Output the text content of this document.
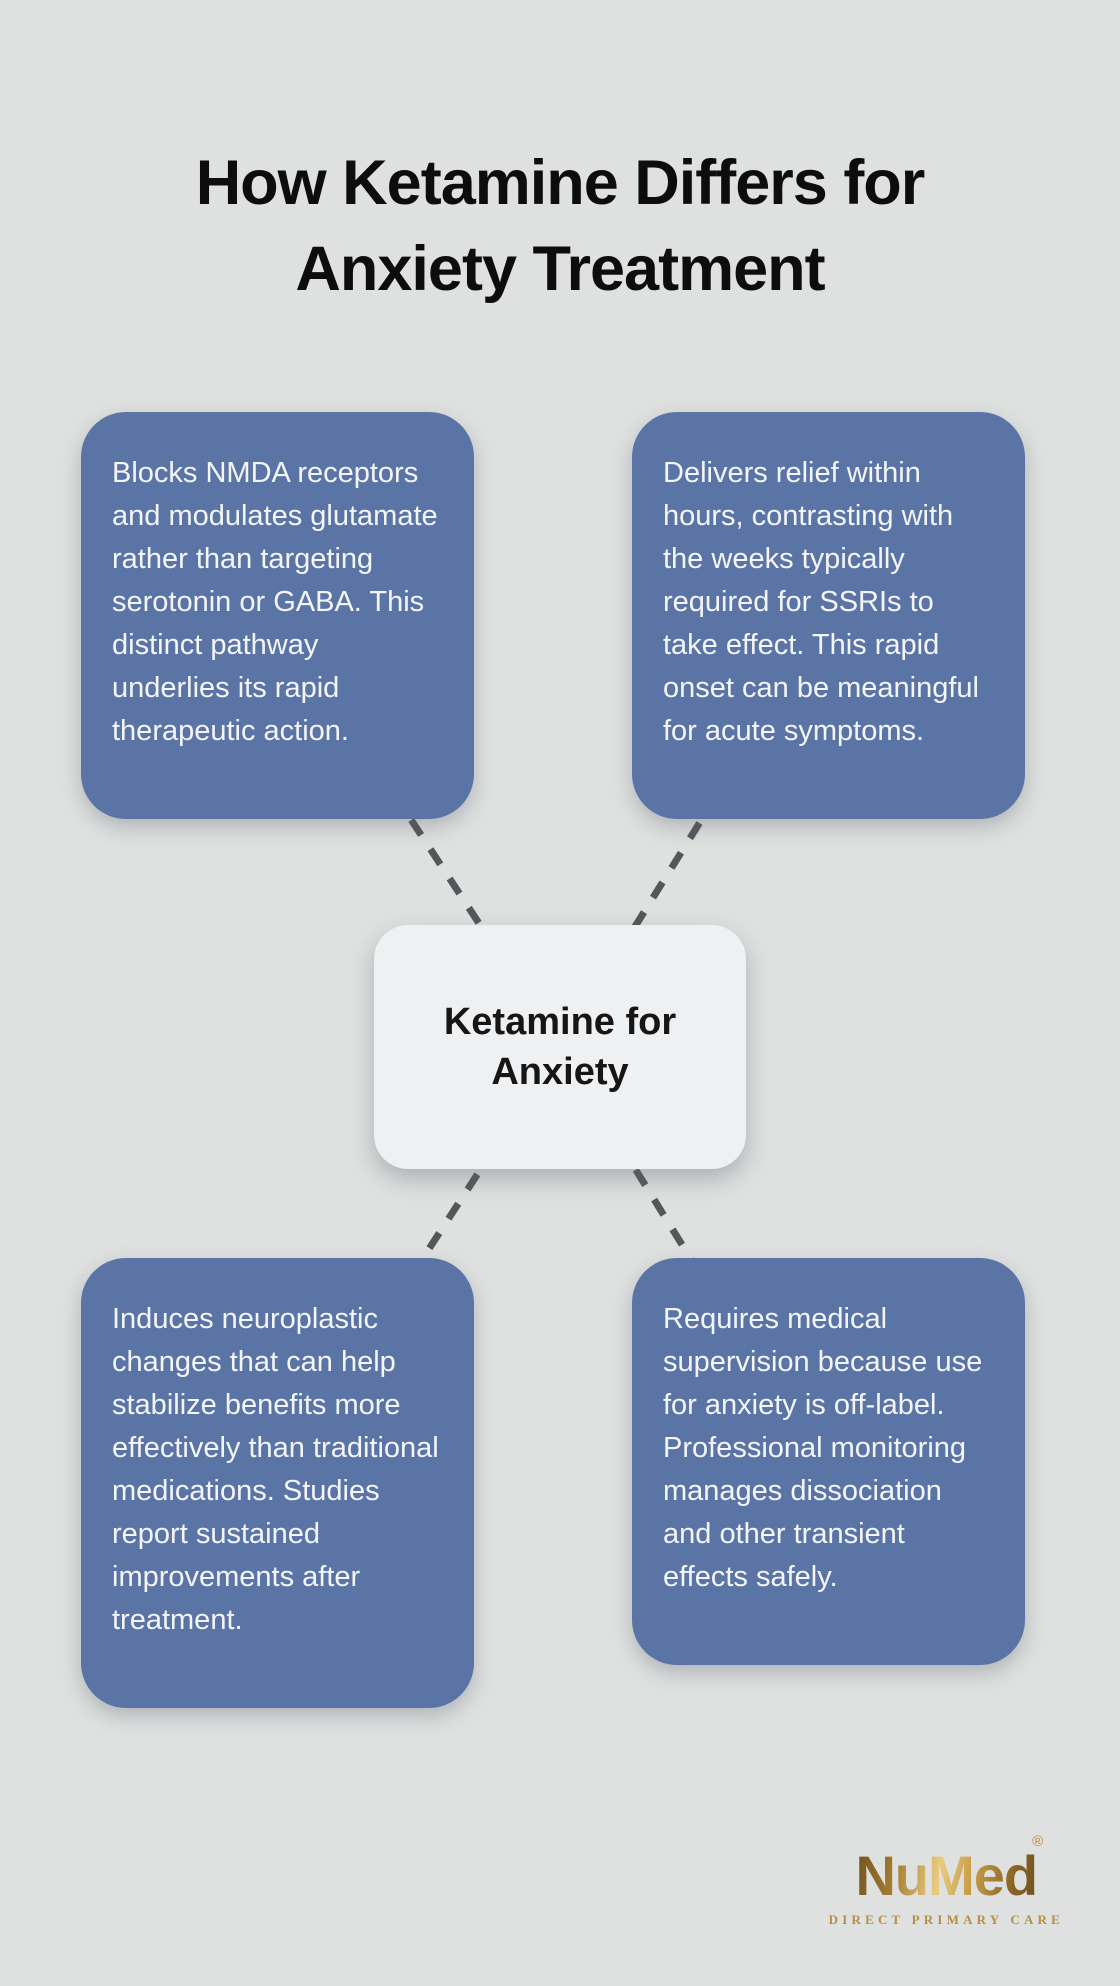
How Ketamine Differs for
Anxiety Treatment
Blocks NMDA receptors and modulates glutamate rather than targeting serotonin or GABA. This distinct pathway underlies its rapid therapeutic action.
Delivers relief within hours, contrasting with the weeks typically required for SSRIs to take effect. This rapid onset can be meaningful for acute symptoms.
Induces neuroplastic changes that can help stabilize benefits more effectively than traditional medications. Studies report sustained improvements after treatment.
Requires medical supervision because use for anxiety is off-label. Professional monitoring manages dissociation and other transient effects safely.
Ketamine for
Anxiety
NuMed
®
DIRECT PRIMARY CARE
